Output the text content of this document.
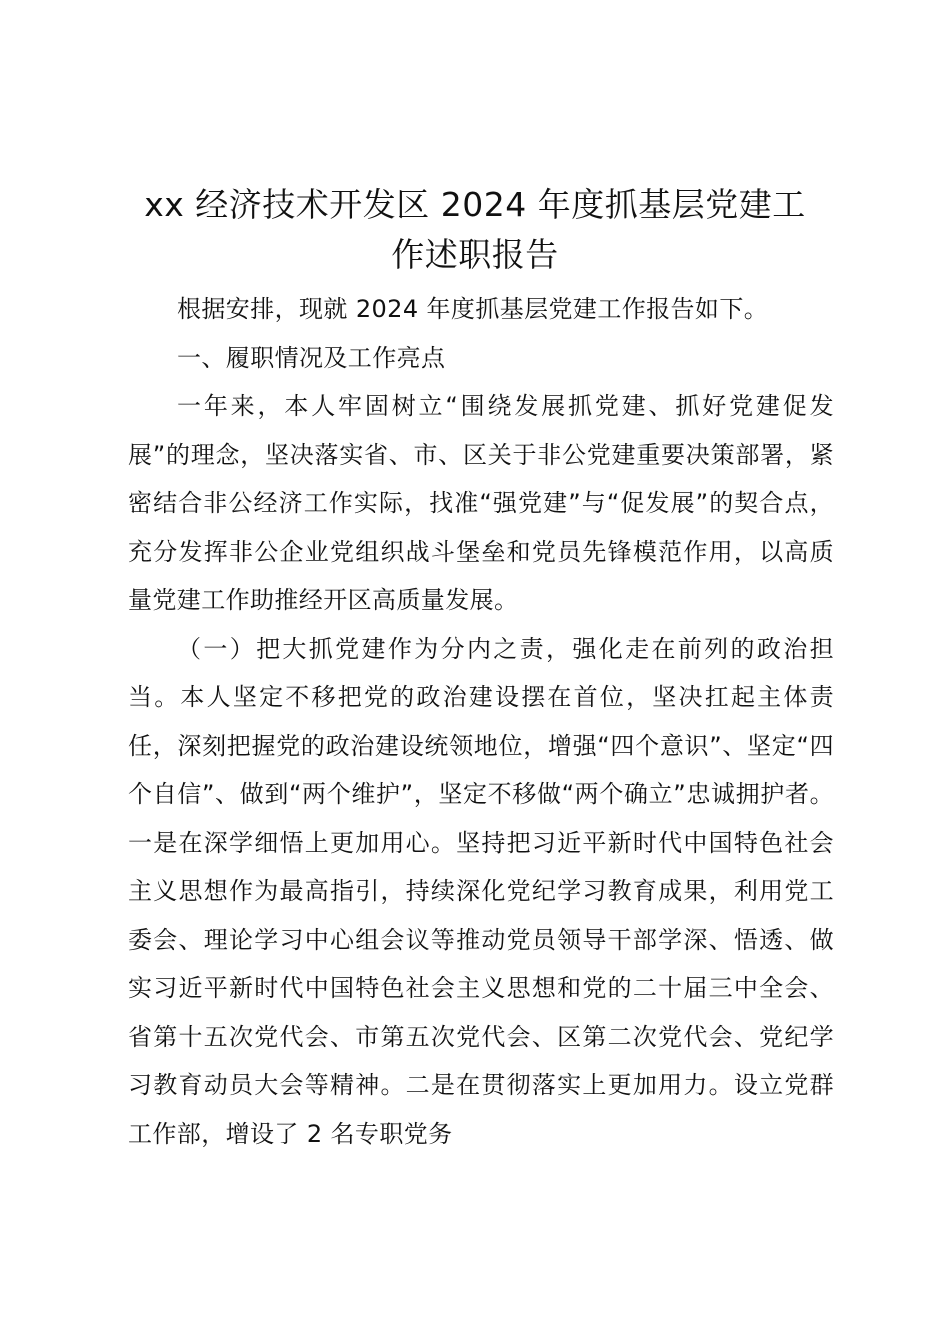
xx 经济技术开发区 2024 年度抓基层党建工
作述职报告

根据安排，现就 2024 年度抓基层党建工作报告如下。

一、履职情况及工作亮点

一年来，本人牢固树立“围绕发展抓党建、抓好党建促发展”的理念，坚决落实省、市、区关于非公党建重要决策部署，紧密结合非公经济工作实际，找准“强党建”与“促发展”的契合点，充分发挥非公企业党组织战斗堡垒和党员先锋模范作用，以高质量党建工作助推经开区高质量发展。

（一）把大抓党建作为分内之责，强化走在前列的政治担当。本人坚定不移把党的政治建设摆在首位，坚决扛起主体责任，深刻把握党的政治建设统领地位，增强“四个意识”、坚定“四个自信”、做到“两个维护”，坚定不移做“两个确立”忠诚拥护者。一是在深学细悟上更加用心。坚持把习近平新时代中国特色社会主义思想作为最高指引，持续深化党纪学习教育成果，利用党工委会、理论学习中心组会议等推动党员领导干部学深、悟透、做实习近平新时代中国特色社会主义思想和党的二十届三中全会、省第十五次党代会、市第五次党代会、区第二次党代会、党纪学习教育动员大会等精神。二是在贯彻落实上更加用力。设立党群工作部，增设了 2 名专职党务
